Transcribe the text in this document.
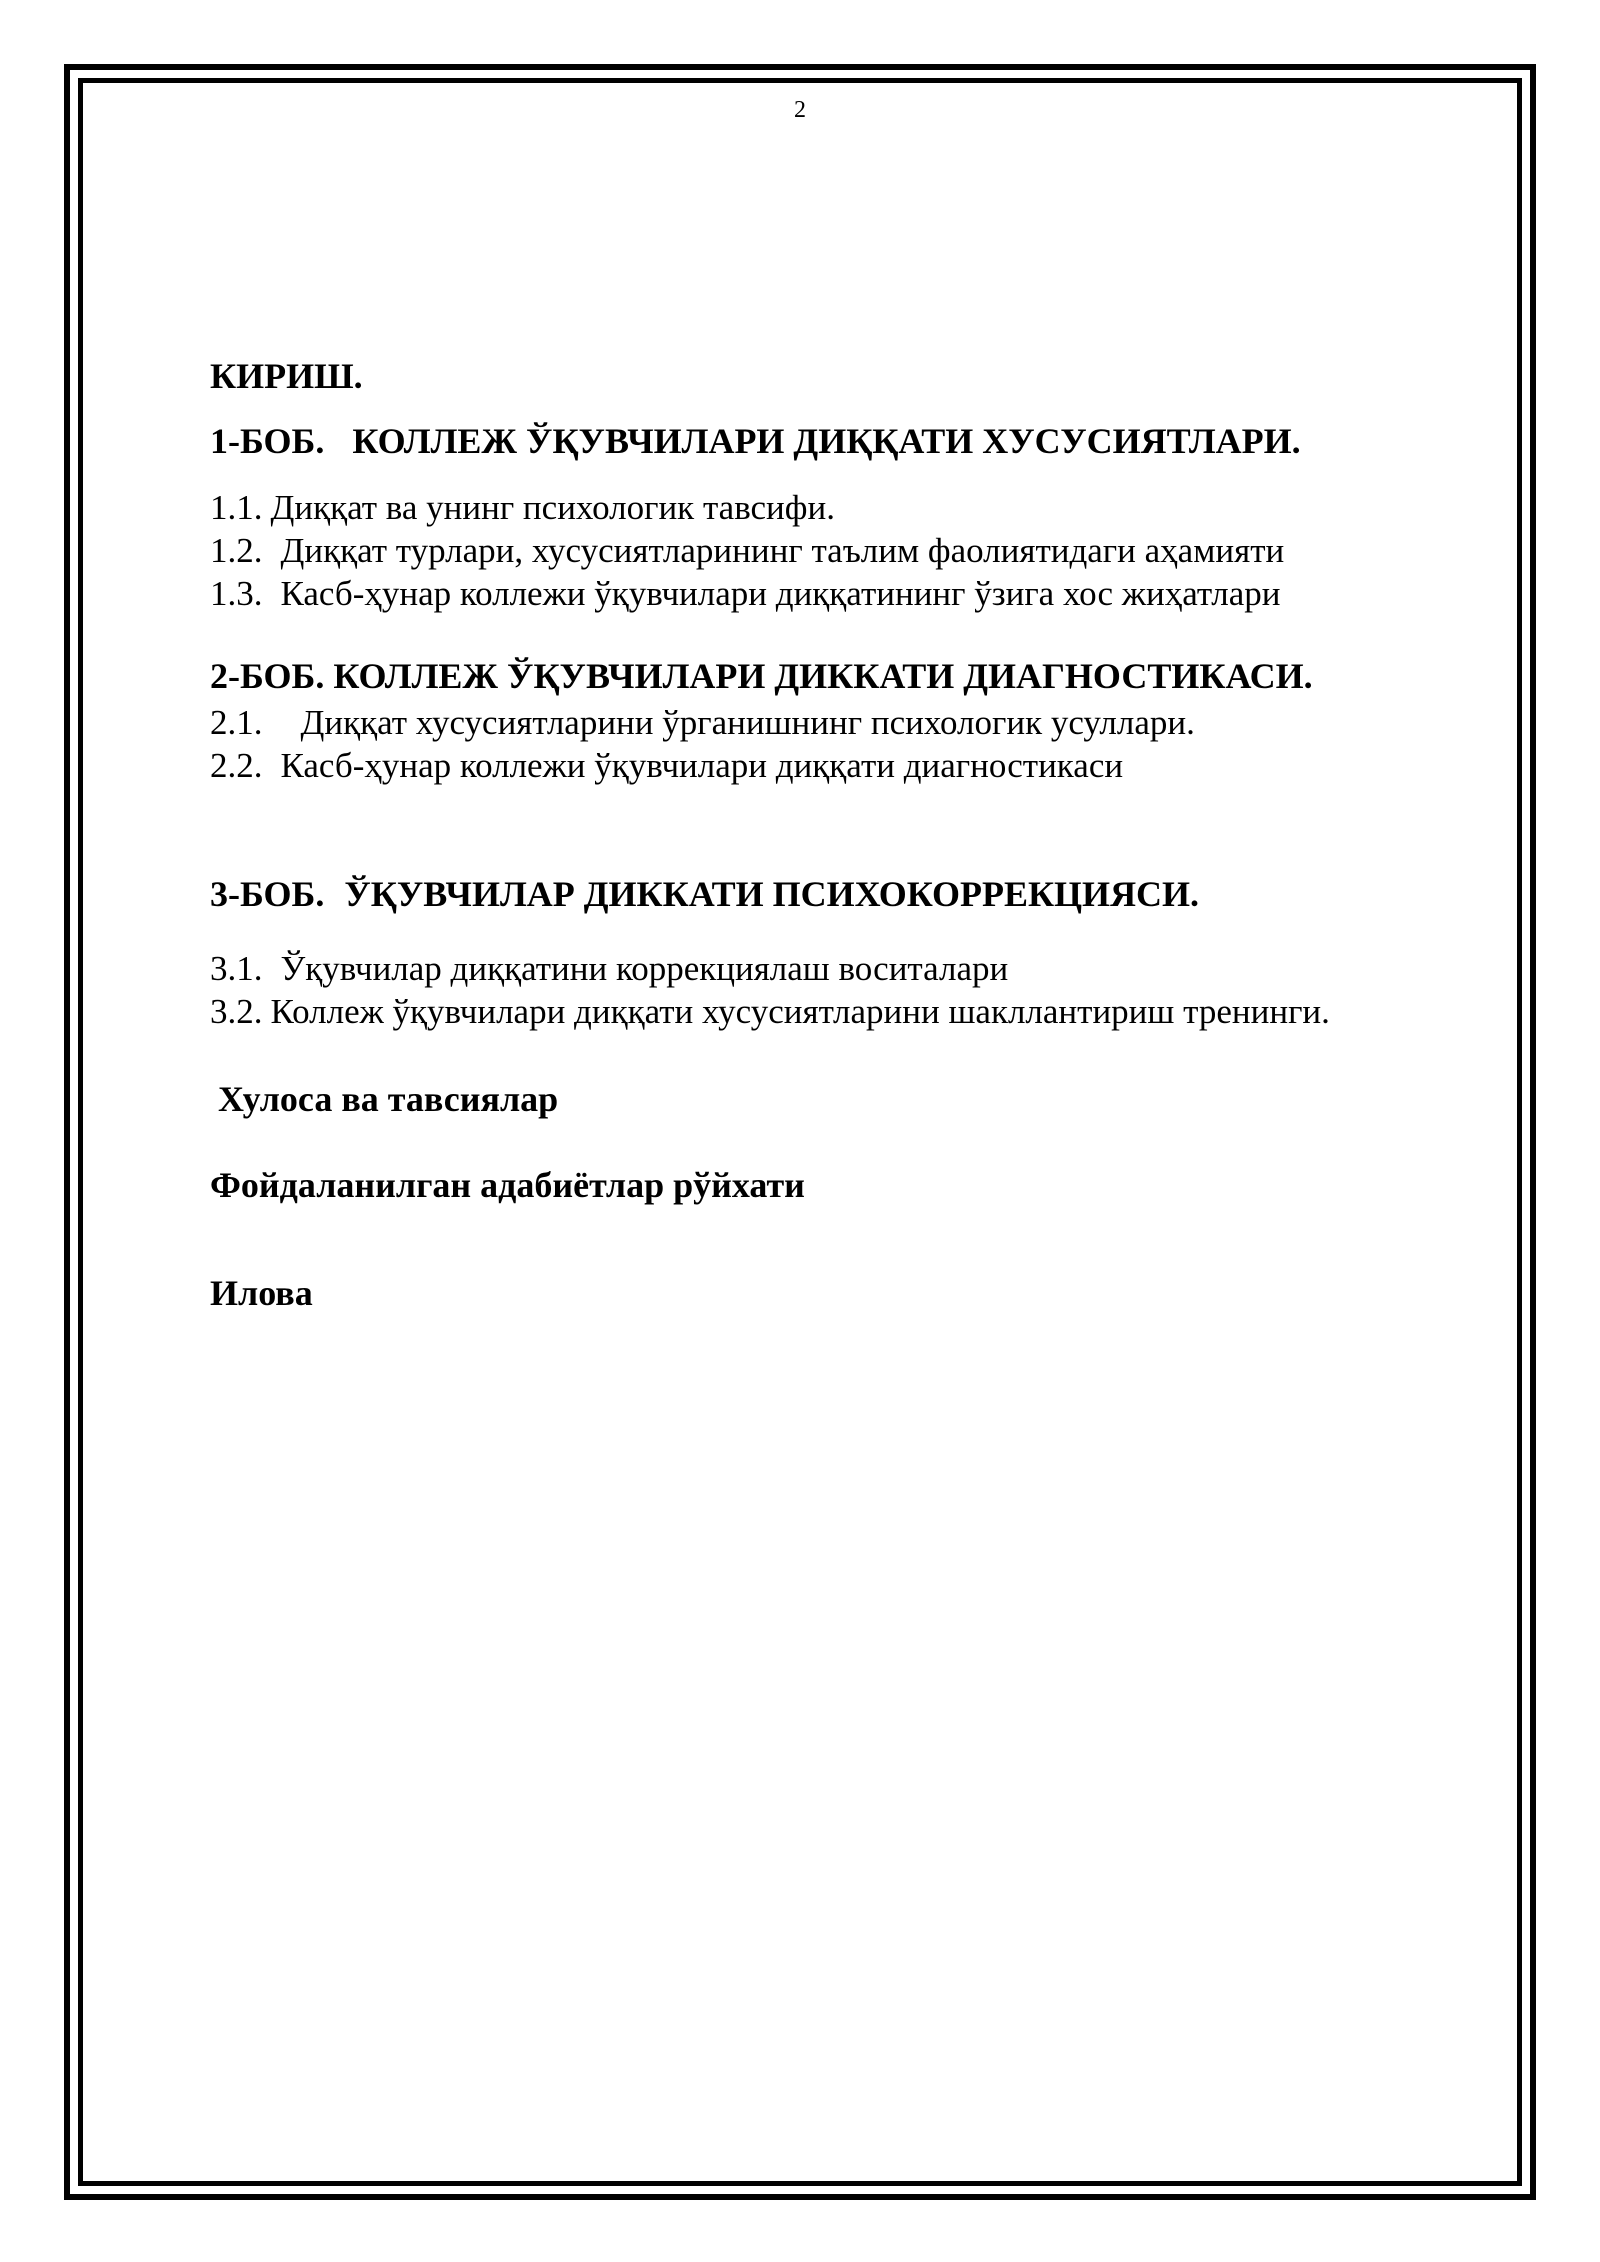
2
КИРИШ.
1-БОБ. КОЛЛЕЖ ЎҚУВЧИЛАРИ ДИҚҚАТИ ХУСУСИЯТЛАРИ.
1.1. Диққат ва унинг психологик тавсифи.
1.2. Диққат турлари, хусусиятларининг таълим фаолиятидаги аҳамияти
1.3. Касб-ҳунар коллежи ўқувчилари диққатининг ўзига хос жиҳатлари
2-БОБ. КОЛЛЕЖ ЎҚУВЧИЛАРИ ДИККАТИ ДИАГНОСТИКАСИ.
2.1. Диққат хусусиятларини ўрганишнинг психологик усуллари.
2.2. Касб-ҳунар коллежи ўқувчилари диққати диагностикаси
3-БОБ. ЎҚУВЧИЛАР ДИККАТИ ПСИХОКОРРЕКЦИЯСИ.
3.1. Ўқувчилар диққатини коррекциялаш воситалари
3.2. Коллеж ўқувчилари диққати хусусиятларини шакллантириш тренинги.
Хулоса ва тавсиялар
Фойдаланилган адабиётлар рўйхати
Илова
